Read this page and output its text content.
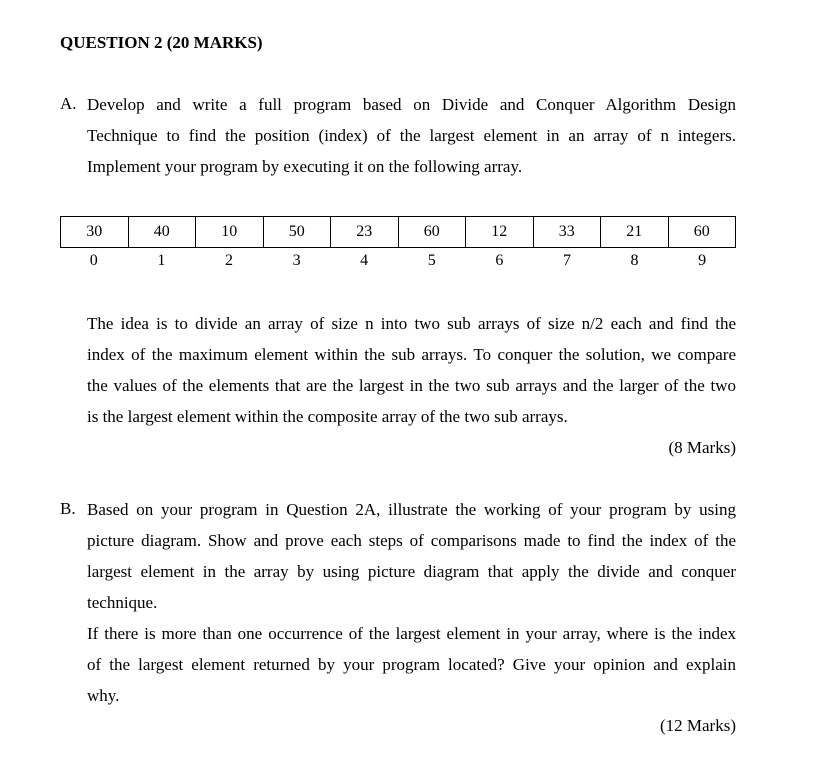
QUESTION 2 (20 MARKS)
A. Develop and write a full program based on Divide and Conquer Algorithm Design
Technique to find the position (index) of the largest element in an array of n integers.
Implement your program by executing it on the following array.
30	40	10	50	23	60	12	33	21	60
0	1	2	3	4	5	6	7	8	9
The idea is to divide an array of size n into two sub arrays of size n/2 each and find the
index of the maximum element within the sub arrays. To conquer the solution, we compare
the values of the elements that are the largest in the two sub arrays and the larger of the two
is the largest element within the composite array of the two sub arrays.
(8 Marks)
B. Based on your program in Question 2A, illustrate the working of your program by using
picture diagram. Show and prove each steps of comparisons made to find the index of the
largest element in the array by using picture diagram that apply the divide and conquer
technique.
If there is more than one occurrence of the largest element in your array, where is the index
of the largest element returned by your program located? Give your opinion and explain
why.
(12 Marks)
